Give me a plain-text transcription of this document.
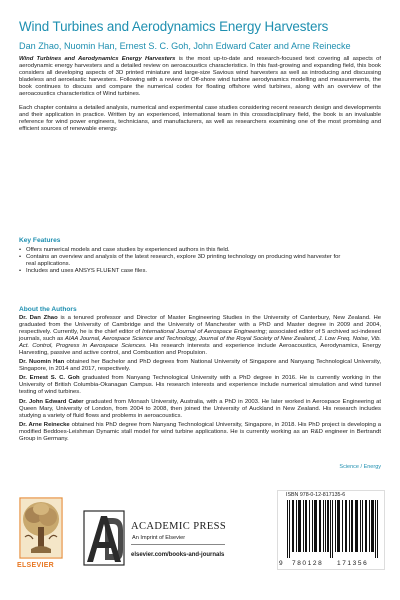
Wind Turbines and Aerodynamics Energy Harvesters
Dan Zhao, Nuomin Han, Ernest S. C. Goh, John Edward Cater and Arne Reinecke

Wind Turbines and Aerodynamics Energy Harvesters is the most up-to-date and research-focused text covering all aspects of aerodynamic energy harvesters and a detailed review on aeroacoustics characteristics. In this fast-growing and expanding field, this book considers all developing aspects of 3D printed miniature and large-size Savious wind harvesters as well as introducing and discussing bladeless and aeroelastic harvesters. Following with a review of Off-shore wind turbine aerodynamics modelling and measurements, the book continues to discuss and compare the numerical codes for floating offshore wind turbines, along with an overview of the aeroacoustics characteristics of Wind turbines.

Each chapter contains a detailed analysis, numerical and experimental case studies considering recent research design and developments and their application in practice. Written by an experienced, international team in this crossdisciplinary field, the book is an invaluable reference for wind power engineers, technicians, and manufacturers, as well as researchers examining one of the most promising and efficient sources of renewable energy.

Key Features
• Offers numerical models and case studies by experienced authors in this field.
• Contains an overview and analysis of the latest research, explore 3D printing technology on producing wind harvester for real applications.
• Includes and uses ANSYS FLUENT case files.
About the Authors

Dr. Dan Zhao is a tenured professor and Director of Master Engineering Studies in the University of Canterbury, New Zealand. He graduated from the University of Cambridge and the University of Manchester with a PhD and Master degree in 2009 and 2004, respectively. Currently, he is the chief editor of International Journal of Aerospace Engineering; associated editor of 5 archived sci-indexed journals, such as AIAA Journal, Aerospace Science and Technology, Journal of the Royal Society of New Zealand, J. Low Freq. Noise, Vib. Act. Control, Progress in Aerospace Sciences. His research interests and experience include Aeroacoustics, Aerodynamics, Energy Harvesting, passive and active control, and Combustion and Propulsion.

Dr. Nuomin Han obtained her Bachelor and PhD degrees from National University of Singapore and Nanyang Technological University, Singapore, in 2014 and 2017, respectively.

Dr. Ernest S. C. Goh graduated from Nanyang Technological University with a PhD degree in 2016. He is currently working in the University of British Columbia-Okanagan Campus. His research interests and experience include numerical simulation and wind tunnel testing of wind turbines.

Dr. John Edward Cater graduated from Monash University, Australia, with a PhD in 2003. He later worked in Aerospace Engineering at Queen Mary, University of London, from 2004 to 2008, then joined the University of Auckland in New Zealand. His research includes studying a variety of fluid flows and problems in aeroacoustics.

Dr. Arne Reinecke obtained his PhD degree from Nanyang Technological University, Singapore, in 2018. His PhD project is developing a modified Beddoes-Leishman Dynamic stall model for wind turbine applications. He is currently working as an R&D engineer in Bertrandt Group in Germany.

Science / Energy
ELSEVIER
ACADEMIC PRESS
An Imprint of Elsevier
elsevier.com/books-and-journals
ISBN 978-0-12-817135-6
9 780128 171356
